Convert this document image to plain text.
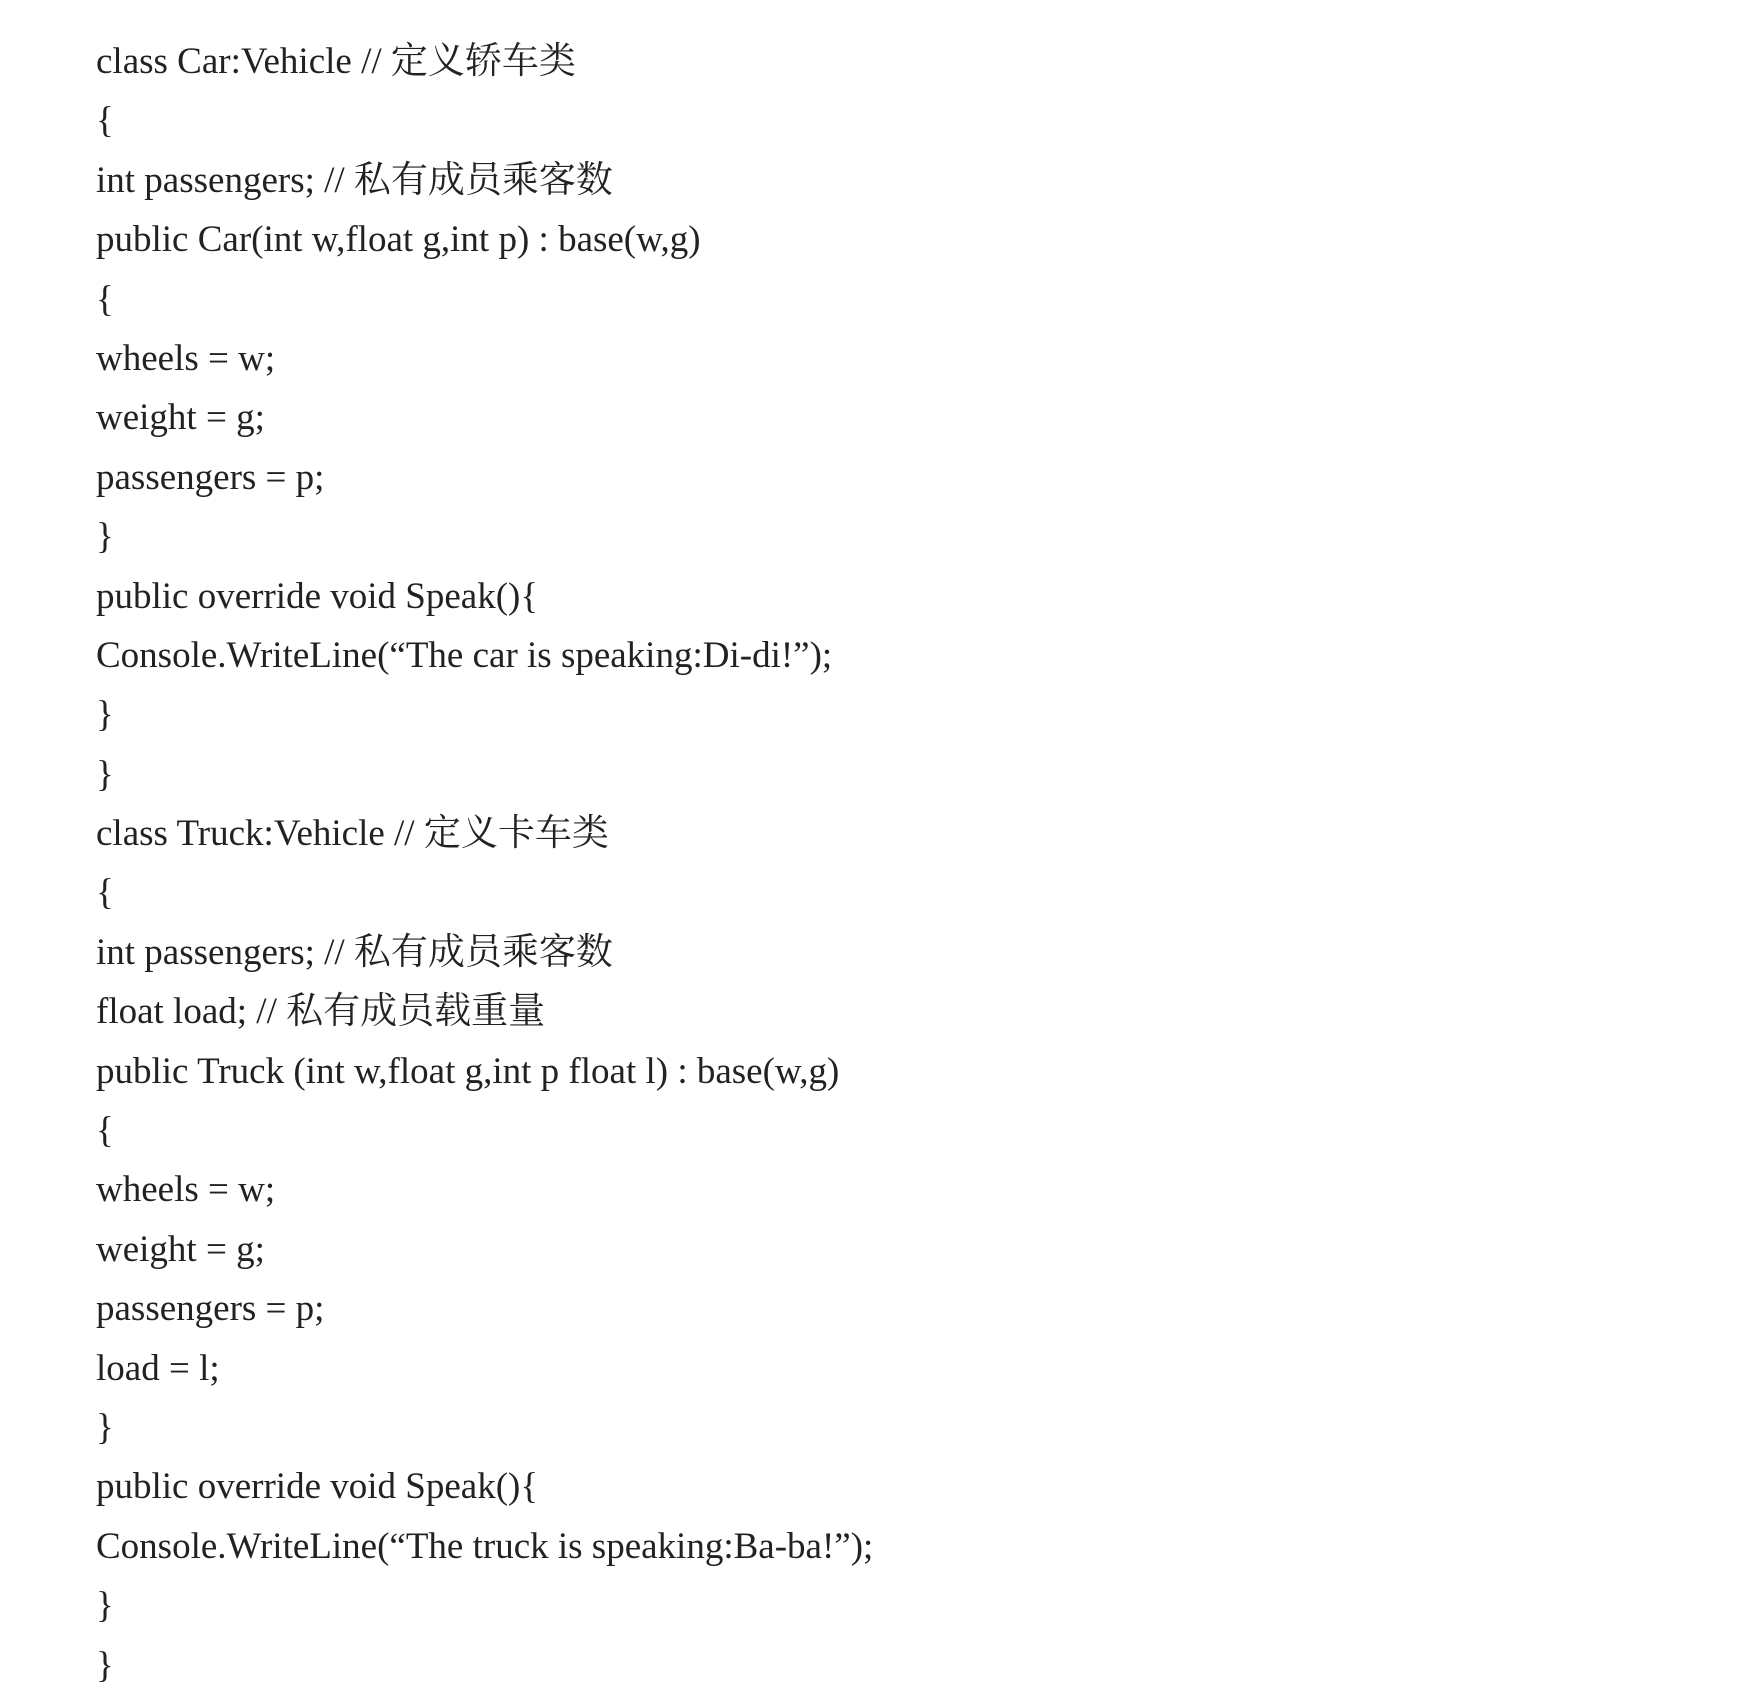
class Car:Vehicle // 定义轿车类
{
int passengers; // 私有成员乘客数
public Car(int w,float g,int p) : base(w,g)
{
wheels = w;
weight = g;
passengers = p;
}
public override void Speak(){
Console.WriteLine(“The car is speaking:Di-di!”);
}
}
class Truck:Vehicle // 定义卡车类
{
int passengers; // 私有成员乘客数
float load; // 私有成员载重量
public Truck (int w,float g,int p float l) : base(w,g)
{
wheels = w;
weight = g;
passengers = p;
load = l;
}
public override void Speak(){
Console.WriteLine(“The truck is speaking:Ba-ba!”);
}
}
